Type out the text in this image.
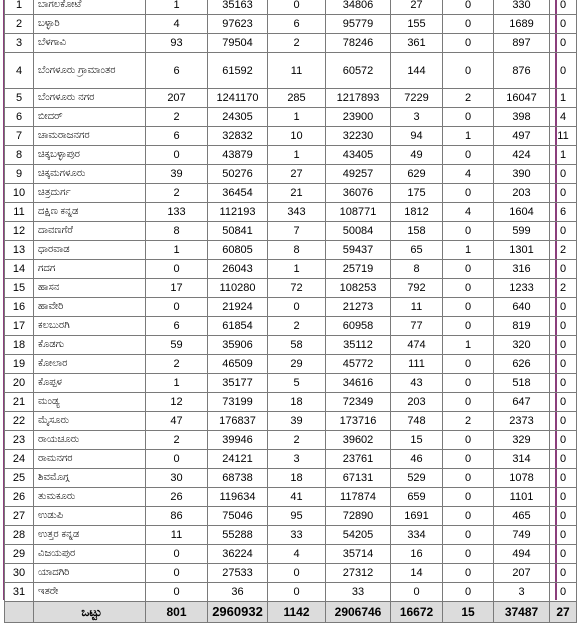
1	ಬಾಗಲಕೋಟೆ	1	35163	0	34806	27	0	330	0
2	ಬಳ್ಳಾರಿ	4	97623	6	95779	155	0	1689	0
3	ಬೆಳಗಾವಿ	93	79504	2	78246	361	0	897	0
4	ಬೆಂಗಳೂರು ಗ್ರಾಮಾಂತರ	6	61592	11	60572	144	0	876	0
5	ಬೆಂಗಳೂರು ನಗರ	207	1241170	285	1217893	7229	2	16047	1
6	ಬೀದರ್	2	24305	1	23900	3	0	398	4
7	ಚಾಮರಾಜನಗರ	6	32832	10	32230	94	1	497	11
8	ಚಿಕ್ಕಬಳ್ಳಾಪುರ	0	43879	1	43405	49	0	424	1
9	ಚಿಕ್ಕಮಗಳೂರು	39	50276	27	49257	629	4	390	0
10	ಚಿತ್ರದುರ್ಗ	2	36454	21	36076	175	0	203	0
11	ದಕ್ಷಿಣ ಕನ್ನಡ	133	112193	343	108771	1812	4	1604	6
12	ದಾವಣಗೆರೆ	8	50841	7	50084	158	0	599	0
13	ಧಾರವಾಡ	1	60805	8	59437	65	1	1301	2
14	ಗದಗ	0	26043	1	25719	8	0	316	0
15	ಹಾಸನ	17	110280	72	108253	792	0	1233	2
16	ಹಾವೇರಿ	0	21924	0	21273	11	0	640	0
17	ಕಲಬುರಗಿ	6	61854	2	60958	77	0	819	0
18	ಕೊಡಗು	59	35906	58	35112	474	1	320	0
19	ಕೋಲಾರ	2	46509	29	45772	111	0	626	0
20	ಕೊಪ್ಪಳ	1	35177	5	34616	43	0	518	0
21	ಮಂಡ್ಯ	12	73199	18	72349	203	0	647	0
22	ಮೈಸೂರು	47	176837	39	173716	748	2	2373	0
23	ರಾಯಚೂರು	2	39946	2	39602	15	0	329	0
24	ರಾಮನಗರ	0	24121	3	23761	46	0	314	0
25	ಶಿವಮೊಗ್ಗ	30	68738	18	67131	529	0	1078	0
26	ತುಮಕೂರು	26	119634	41	117874	659	0	1101	0
27	ಉಡುಪಿ	86	75046	95	72890	1691	0	465	0
28	ಉತ್ತರ ಕನ್ನಡ	11	55288	33	54205	334	0	749	0
29	ವಿಜಯಪುರ	0	36224	4	35714	16	0	494	0
30	ಯಾದಗಿರಿ	0	27533	0	27312	14	0	207	0
31	ಇತರೇ	0	36	0	33	0	0	3	0
	ಒಟ್ಟು	801	2960932	1142	2906746	16672	15	37487	27
